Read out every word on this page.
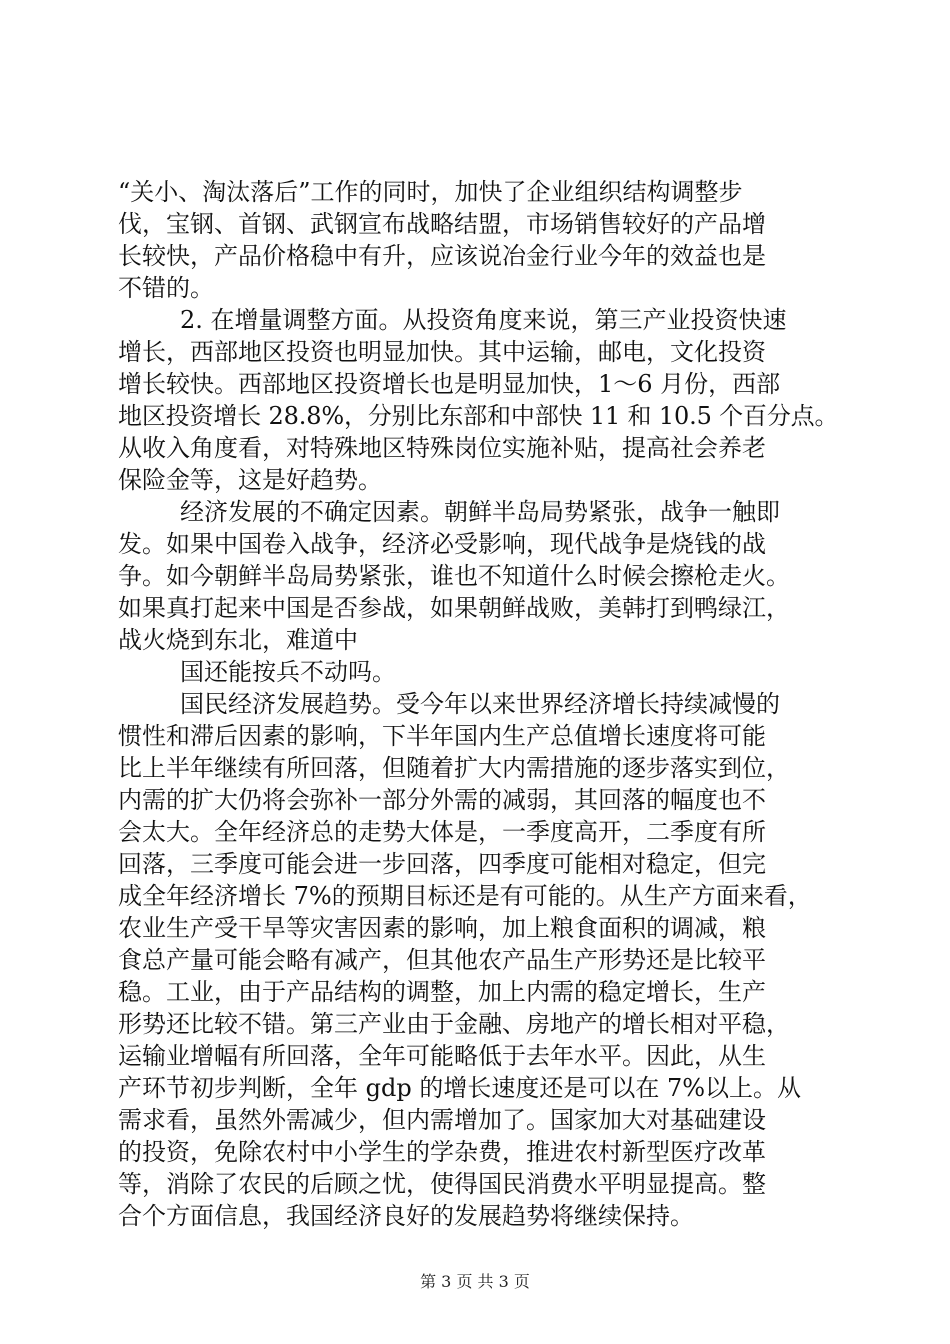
“关小、淘汰落后”工作的同时，加快了企业组织结构调整步
伐，宝钢、首钢、武钢宣布战略结盟，市场销售较好的产品增
长较快，产品价格稳中有升，应该说冶金行业今年的效益也是
不错的。
2. 在增量调整方面。从投资角度来说，第三产业投资快速
增长，西部地区投资也明显加快。其中运输，邮电，文化投资
增长较快。西部地区投资增长也是明显加快，1～6 月份，西部
地区投资增长 28.8%，分别比东部和中部快 11 和 10.5 个百分点。
从收入角度看，对特殊地区特殊岗位实施补贴，提高社会养老
保险金等，这是好趋势。
经济发展的不确定因素。朝鲜半岛局势紧张，战争一触即
发。如果中国卷入战争，经济必受影响，现代战争是烧钱的战
争。如今朝鲜半岛局势紧张，谁也不知道什么时候会擦枪走火。
如果真打起来中国是否参战，如果朝鲜战败，美韩打到鸭绿江，
战火烧到东北，难道中
国还能按兵不动吗。
国民经济发展趋势。受今年以来世界经济增长持续减慢的
惯性和滞后因素的影响，下半年国内生产总值增长速度将可能
比上半年继续有所回落，但随着扩大内需措施的逐步落实到位，
内需的扩大仍将会弥补一部分外需的减弱，其回落的幅度也不
会太大。全年经济总的走势大体是，一季度高开，二季度有所
回落，三季度可能会进一步回落，四季度可能相对稳定，但完
成全年经济增长 7%的预期目标还是有可能的。从生产方面来看，
农业生产受干旱等灾害因素的影响，加上粮食面积的调减，粮
食总产量可能会略有减产，但其他农产品生产形势还是比较平
稳。工业，由于产品结构的调整，加上内需的稳定增长，生产
形势还比较不错。第三产业由于金融、房地产的增长相对平稳，
运输业增幅有所回落，全年可能略低于去年水平。因此，从生
产环节初步判断，全年 gdp 的增长速度还是可以在 7%以上。从
需求看，虽然外需减少，但内需增加了。国家加大对基础建设
的投资，免除农村中小学生的学杂费，推进农村新型医疗改革
等，消除了农民的后顾之忧，使得国民消费水平明显提高。整
合个方面信息，我国经济良好的发展趋势将继续保持。
第 3 页 共 3 页
